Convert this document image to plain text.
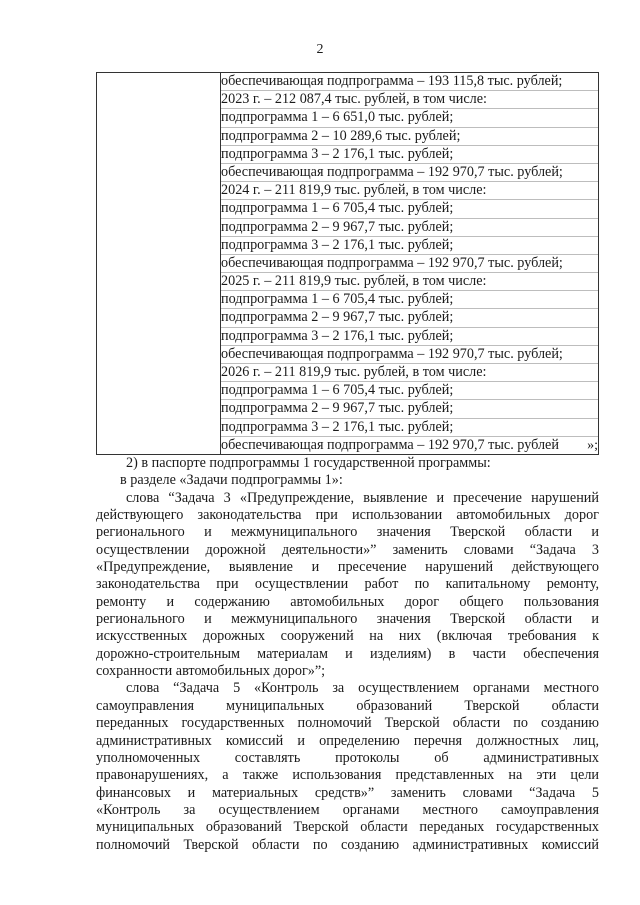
2

обеспечивающая подпрограмма – 193 115,8 тыс. рублей;
2023 г. – 212 087,4 тыс. рублей, в том числе:
подпрограмма 1 – 6 651,0 тыс. рублей;
подпрограмма 2 – 10 289,6 тыс. рублей;
подпрограмма 3 – 2 176,1 тыс. рублей;
обеспечивающая подпрограмма – 192 970,7 тыс. рублей;
2024 г. – 211 819,9 тыс. рублей, в том числе:
подпрограмма 1 – 6 705,4 тыс. рублей;
подпрограмма 2 – 9 967,7 тыс. рублей;
подпрограмма 3 – 2 176,1 тыс. рублей;
обеспечивающая подпрограмма – 192 970,7 тыс. рублей;
2025 г. – 211 819,9 тыс. рублей, в том числе:
подпрограмма 1 – 6 705,4 тыс. рублей;
подпрограмма 2 – 9 967,7 тыс. рублей;
подпрограмма 3 – 2 176,1 тыс. рублей;
обеспечивающая подпрограмма – 192 970,7 тыс. рублей;
2026 г. – 211 819,9 тыс. рублей, в том числе:
подпрограмма 1 – 6 705,4 тыс. рублей;
подпрограмма 2 – 9 967,7 тыс. рублей;
подпрограмма 3 – 2 176,1 тыс. рублей;
обеспечивающая подпрограмма – 192 970,7 тыс. рублей	»;
2) в паспорте подпрограммы 1 государственной программы:
в разделе «Задачи подпрограммы 1»:
слова “Задача 3 «Предупреждение, выявление и пресечение нарушений
действующего законодательства при использовании автомобильных дорог
регионального и межмуниципального значения Тверской области и
осуществлении дорожной деятельности»” заменить словами “Задача 3
«Предупреждение, выявление и пресечение нарушений действующего
законодательства при осуществлении работ по капитальному ремонту,
ремонту и содержанию автомобильных дорог общего пользования
регионального и межмуниципального значения Тверской области и
искусственных дорожных сооружений на них (включая требования к
дорожно-строительным материалам и изделиям) в части обеспечения
сохранности автомобильных дорог»”;
слова “Задача 5 «Контроль за осуществлением органами местного
самоуправления муниципальных образований Тверской области
переданных государственных полномочий Тверской области по созданию
административных комиссий и определению перечня должностных лиц,
уполномоченных составлять протоколы об административных
правонарушениях, а также использования представленных на эти цели
финансовых и материальных средств»” заменить словами “Задача 5
«Контроль за осуществлением органами местного самоуправления
муниципальных образований Тверской области переданых государственных
полномочий Тверской области по созданию административных комиссий
